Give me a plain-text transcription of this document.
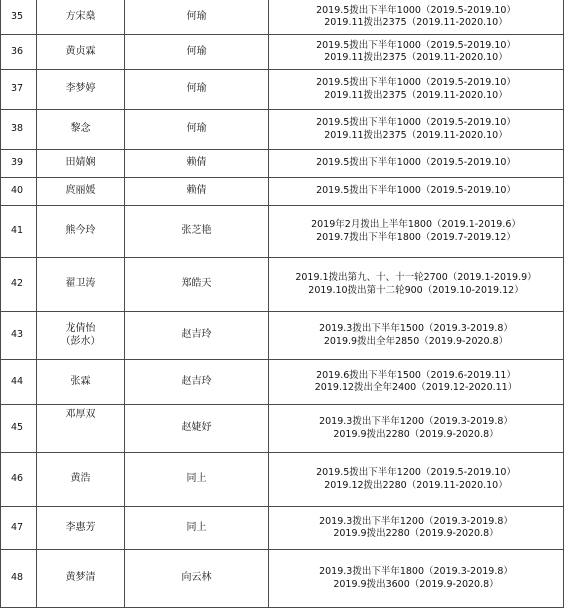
35	方宋燊	何瑜	2019.5拨出下半年1000（2019.5-2019.10）
2019.11拨出2375（2019.11-2020.10）

36	黄贞霖	何瑜	2019.5拨出下半年1000（2019.5-2019.10）
2019.11拨出2375（2019.11-2020.10）

37	李梦婷	何瑜	2019.5拨出下半年1000（2019.5-2019.10）
2019.11拨出2375（2019.11-2020.10）

38	黎念	何瑜	2019.5拨出下半年1000（2019.5-2019.10）
2019.11拨出2375（2019.11-2020.10）

39	田婧娴	赖倩	2019.5拨出下半年1000（2019.5-2019.10）

40	庹丽媛	赖倩	2019.5拨出下半年1000（2019.5-2019.10）

41	熊今玲	张芝艳	2019年2月拨出上半年1800（2019.1-2019.6）
2019.7拨出下半年1800（2019.7-2019.12）

42	翟卫涛	郑皓天	2019.1拨出第九、十、十一轮2700（2019.1-2019.9）
2019.10拨出第十二轮900（2019.10-2019.12）

43	龙倩怡
（彭水）	赵吉玲	2019.3拨出下半年1500（2019.3-2019.8）
2019.9拨出全年2850（2019.9-2020.8）

44	张霖	赵吉玲	2019.6拨出下半年1500（2019.6-2019.11）
2019.12拨出全年2400（2019.12-2020.11）

45	邓厚双	赵婕妤	2019.3拨出下半年1200（2019.3-2019.8）
2019.9拨出2280（2019.9-2020.8）

46	黄浩	同上	2019.5拨出下半年1200（2019.5-2019.10）
2019.12拨出2280（2019.11-2020.10）

47	李惠芳	同上	2019.3拨出下半年1200（2019.3-2019.8）
2019.9拨出2280（2019.9-2020.8）

48	黄梦清	向云林	2019.3拨出下半年1800（2019.3-2019.8）
2019.9拨出3600（2019.9-2020.8）
